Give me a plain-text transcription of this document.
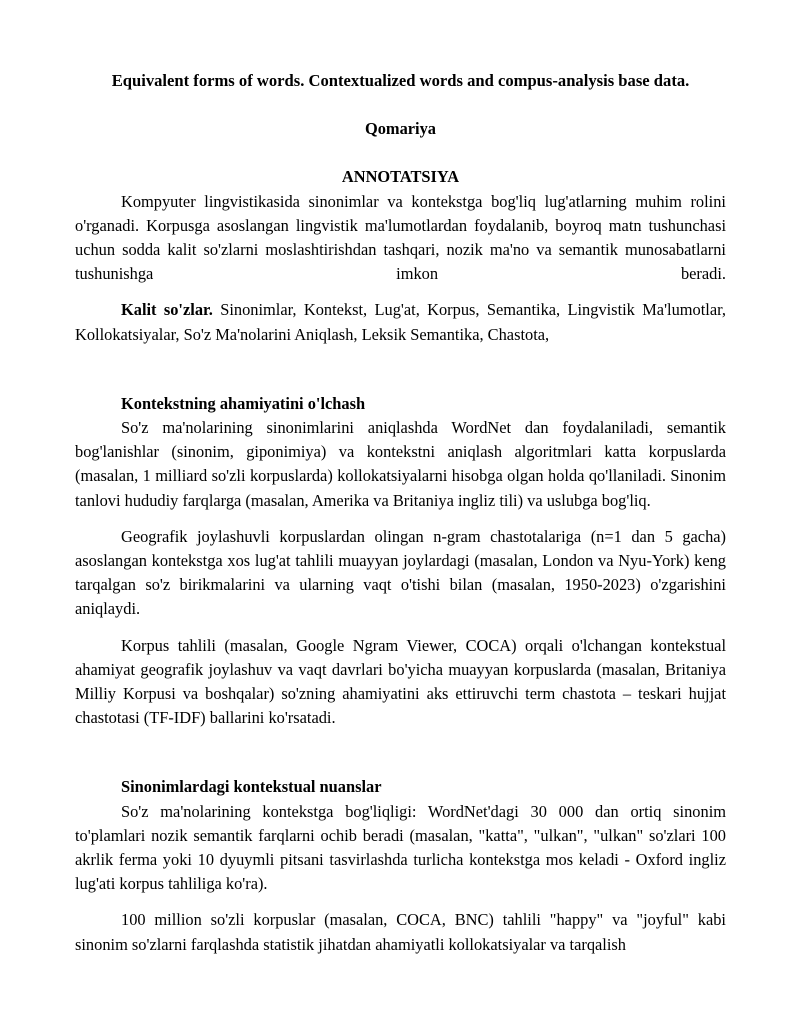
Equivalent forms of words. Contextualized words and compus-analysis base data.
Qomariya
ANNOTATSIYA

Kompyuter lingvistikasida sinonimlar va kontekstga bog'liq lug'atlarning muhim rolini o'rganadi. Korpusga asoslangan lingvistik ma'lumotlardan foydalanib, boyroq matn tushunchasi uchun sodda kalit so'zlarni moslashtirishdan tashqari, nozik ma'no va semantik munosabatlarni tushunishga imkon beradi.

Kalit so'zlar. Sinonimlar, Kontekst, Lug'at, Korpus, Semantika, Lingvistik Ma'lumotlar, Kollokatsiyalar, So'z Ma'nolarini Aniqlash, Leksik Semantika, Chastota,

Kontekstning ahamiyatini o'lchash

So'z ma'nolarining sinonimlarini aniqlashda WordNet dan foydalaniladi, semantik bog'lanishlar (sinonim, giponimiya) va kontekstni aniqlash algoritmlari katta korpuslarda (masalan, 1 milliard so'zli korpuslarda) kollokatsiyalarni hisobga olgan holda qo'llaniladi. Sinonim tanlovi hududiy farqlarga (masalan, Amerika va Britaniya ingliz tili) va uslubga bog'liq.

Geografik joylashuvli korpuslardan olingan n-gram chastotalariga (n=1 dan 5 gacha) asoslangan kontekstga xos lug'at tahlili muayyan joylardagi (masalan, London va Nyu-York) keng tarqalgan so'z birikmalarini va ularning vaqt o'tishi bilan (masalan, 1950-2023) o'zgarishini aniqlaydi.

Korpus tahlili (masalan, Google Ngram Viewer, COCA) orqali o'lchangan kontekstual ahamiyat geografik joylashuv va vaqt davrlari bo'yicha muayyan korpuslarda (masalan, Britaniya Milliy Korpusi va boshqalar) so'zning ahamiyatini aks ettiruvchi term chastota – teskari hujjat chastotasi (TF-IDF) ballarini ko'rsatadi.

Sinonimlardagi kontekstual nuanslar

So'z ma'nolarining kontekstga bog'liqligi: WordNet'dagi 30 000 dan ortiq sinonim to'plamlari nozik semantik farqlarni ochib beradi (masalan, "katta", "ulkan", "ulkan" so'zlari 100 akrlik ferma yoki 10 dyuymli pitsani tasvirlashda turlicha kontekstga mos keladi - Oxford ingliz lug'ati korpus tahliliga ko'ra).

100 million so'zli korpuslar (masalan, COCA, BNC) tahlili "happy" va "joyful" kabi sinonim so'zlarni farqlashda statistik jihatdan ahamiyatli kollokatsiyalar va tarqalish
